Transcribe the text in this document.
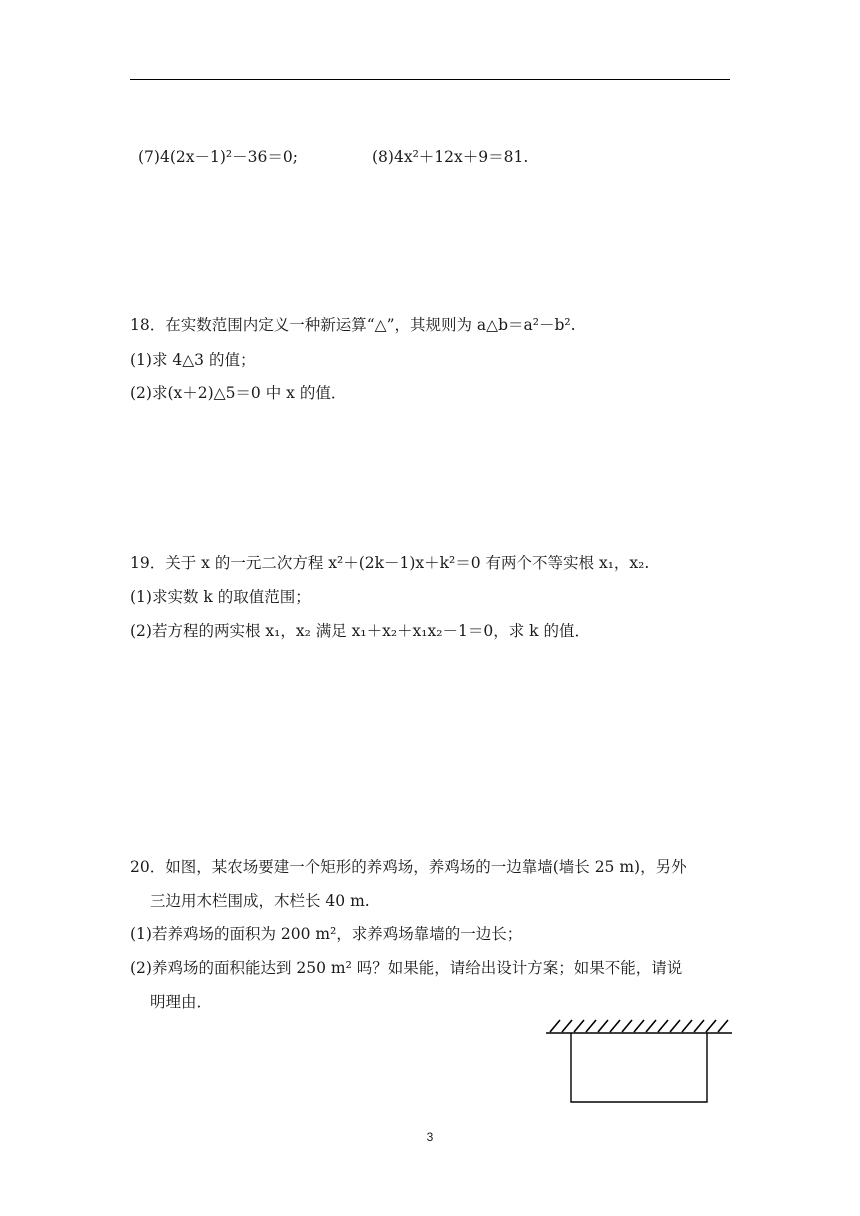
(7)4(2x－1)²－36＝0;	(8)4x²＋12x＋9＝81.
18．在实数范围内定义一种新运算“△”，其规则为 a△b＝a²－b².
(1)求 4△3 的值；
(2)求(x＋2)△5＝0 中 x 的值．
19．关于 x 的一元二次方程 x²＋(2k－1)x＋k²＝0 有两个不等实根 x₁，x₂.
(1)求实数 k 的取值范围；
(2)若方程的两实根 x₁，x₂ 满足 x₁＋x₂＋x₁x₂－1＝0，求 k 的值．
20．如图，某农场要建一个矩形的养鸡场，养鸡场的一边靠墙(墙长 25 m)，另外
三边用木栏围成，木栏长 40 m.
(1)若养鸡场的面积为 200 m²，求养鸡场靠墙的一边长；
(2)养鸡场的面积能达到 250 m² 吗？如果能，请给出设计方案；如果不能，请说
明理由．
3
